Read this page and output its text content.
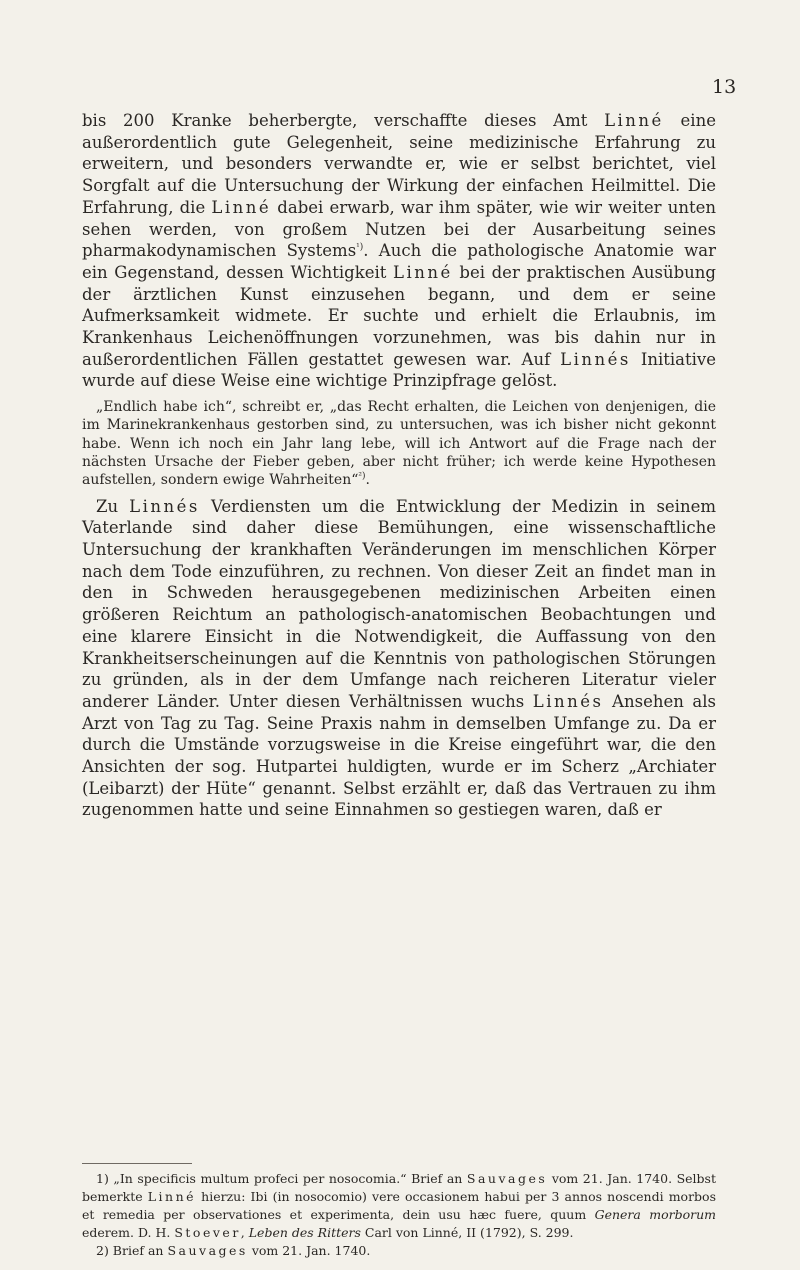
13

bis 200 Kranke beherbergte, verschaffte dieses Amt Linné eine außerordentlich gute Gelegenheit, seine medizinische Erfahrung zu erweitern, und besonders verwandte er, wie er selbst berichtet, viel Sorgfalt auf die Untersuchung der Wirkung der einfachen Heilmittel. Die Erfahrung, die Linné dabei erwarb, war ihm später, wie wir weiter unten sehen werden, von großem Nutzen bei der Ausarbeitung seines pharmakodynamischen Systems$^{^1)}$. Auch die pathologische Anatomie war ein Gegenstand, dessen Wichtigkeit Linné bei der praktischen Ausübung der ärztlichen Kunst einzusehen begann, und dem er seine Aufmerksamkeit widmete. Er suchte und erhielt die Erlaubnis, im Krankenhaus Leichenöffnungen vorzunehmen, was bis dahin nur in außerordentlichen Fällen gestattet gewesen war. Auf Linnés Initiative wurde auf diese Weise eine wichtige Prinzipfrage gelöst.

„Endlich habe ich“, schreibt er, „das Recht erhalten, die Leichen von denjenigen, die im Marinekrankenhaus gestorben sind, zu untersuchen, was ich bisher nicht gekonnt habe. Wenn ich noch ein Jahr lang lebe, will ich Antwort auf die Frage nach der nächsten Ursache der Fieber geben, aber nicht früher; ich werde keine Hypothesen aufstellen, sondern ewige Wahrheiten“$^{^2)}$.

Zu Linnés Verdiensten um die Entwicklung der Medizin in seinem Vaterlande sind daher diese Bemühungen, eine wissenschaftliche Untersuchung der krankhaften Veränderungen im menschlichen Körper nach dem Tode einzuführen, zu rechnen. Von dieser Zeit an findet man in den in Schweden herausgegebenen medizinischen Arbeiten einen größeren Reichtum an pathologisch-anatomischen Beobachtungen und eine klarere Einsicht in die Notwendigkeit, die Auffassung von den Krankheitserscheinungen auf die Kenntnis von pathologischen Störungen zu gründen, als in der dem Umfange nach reicheren Literatur vieler anderer Länder. Unter diesen Verhältnissen wuchs Linnés Ansehen als Arzt von Tag zu Tag. Seine Praxis nahm in demselben Umfange zu. Da er durch die Umstände vorzugsweise in die Kreise eingeführt war, die den Ansichten der sog. Hutpartei huldigten, wurde er im Scherz „Archiater (Leibarzt) der Hüte“ genannt. Selbst erzählt er, daß das Vertrauen zu ihm zugenommen hatte und seine Einnahmen so gestiegen waren, daß er

1) „In specificis multum profeci per nosocomia.“ Brief an Sauvages vom 21. Jan. 1740. Selbst bemerkte Linné hierzu: Ibi (in nosocomio) vere occasionem habui per 3 annos noscendi morbos et remedia per observationes et experimenta, dein usu hæc fuere, quum Genera morborum ederem. D. H. Stoever, Leben des Ritters Carl von Linné, II (1792), S. 299.

2) Brief an Sauvages vom 21. Jan. 1740.
